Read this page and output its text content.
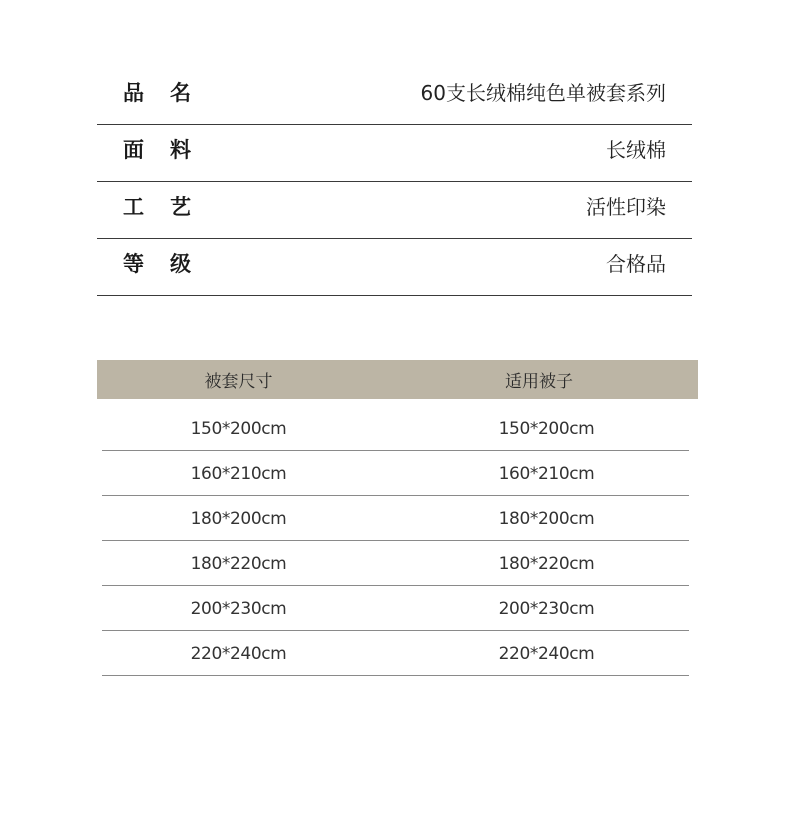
品名	60支长绒棉纯色单被套系列
面料	长绒棉
工艺	活性印染
等级	合格品
被套尺寸	适用被子
150*200cm	150*200cm
160*210cm	160*210cm
180*200cm	180*200cm
180*220cm	180*220cm
200*230cm	200*230cm
220*240cm	220*240cm
